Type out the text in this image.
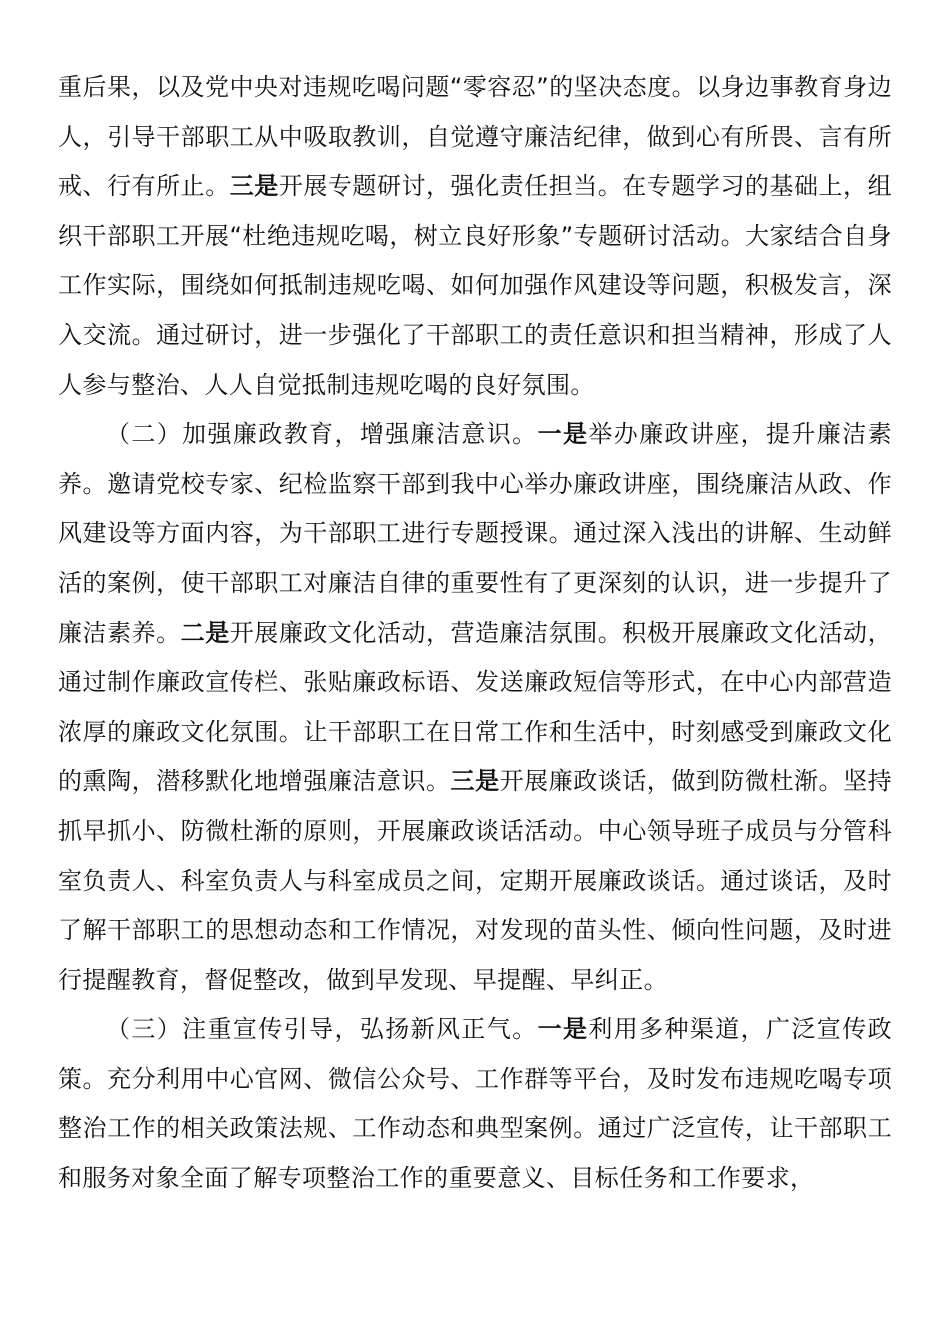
重后果，以及党中央对违规吃喝问题“零容忍”的坚决态度。以身边事教育身边人，引导干部职工从中吸取教训，自觉遵守廉洁纪律，做到心有所畏、言有所戒、行有所止。三是开展专题研讨，强化责任担当。在专题学习的基础上，组织干部职工开展“杜绝违规吃喝，树立良好形象”专题研讨活动。大家结合自身工作实际，围绕如何抵制违规吃喝、如何加强作风建设等问题，积极发言，深入交流。通过研讨，进一步强化了干部职工的责任意识和担当精神，形成了人人参与整治、人人自觉抵制违规吃喝的良好氛围。

（二）加强廉政教育，增强廉洁意识。一是举办廉政讲座，提升廉洁素养。邀请党校专家、纪检监察干部到我中心举办廉政讲座，围绕廉洁从政、作风建设等方面内容，为干部职工进行专题授课。通过深入浅出的讲解、生动鲜活的案例，使干部职工对廉洁自律的重要性有了更深刻的认识，进一步提升了廉洁素养。二是开展廉政文化活动，营造廉洁氛围。积极开展廉政文化活动，通过制作廉政宣传栏、张贴廉政标语、发送廉政短信等形式，在中心内部营造浓厚的廉政文化氛围。让干部职工在日常工作和生活中，时刻感受到廉政文化的熏陶，潜移默化地增强廉洁意识。三是开展廉政谈话，做到防微杜渐。坚持抓早抓小、防微杜渐的原则，开展廉政谈话活动。中心领导班子成员与分管科室负责人、科室负责人与科室成员之间，定期开展廉政谈话。通过谈话，及时了解干部职工的思想动态和工作情况，对发现的苗头性、倾向性问题，及时进行提醒教育，督促整改，做到早发现、早提醒、早纠正。

（三）注重宣传引导，弘扬新风正气。一是利用多种渠道，广泛宣传政策。充分利用中心官网、微信公众号、工作群等平台，及时发布违规吃喝专项整治工作的相关政策法规、工作动态和典型案例。通过广泛宣传，让干部职工和服务对象全面了解专项整治工作的重要意义、目标任务和工作要求，
